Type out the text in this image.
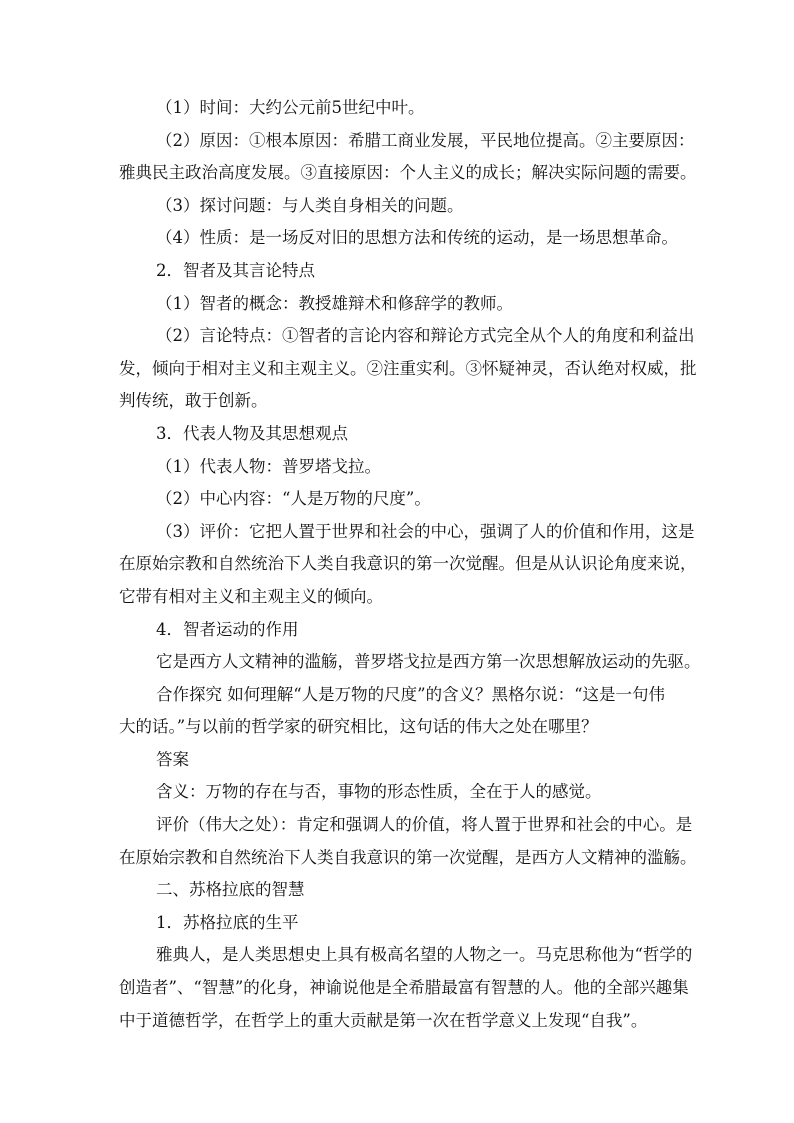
（1）时间：大约公元前5世纪中叶。
（2）原因：①根本原因：希腊工商业发展，平民地位提高。②主要原因：
雅典民主政治高度发展。③直接原因：个人主义的成长；解决实际问题的需要。
（3）探讨问题：与人类自身相关的问题。
（4）性质：是一场反对旧的思想方法和传统的运动，是一场思想革命。
2．智者及其言论特点
（1）智者的概念：教授雄辩术和修辞学的教师。
（2）言论特点：①智者的言论内容和辩论方式完全从个人的角度和利益出
发，倾向于相对主义和主观主义。②注重实利。③怀疑神灵，否认绝对权威，批
判传统，敢于创新。
3．代表人物及其思想观点
（1）代表人物：普罗塔戈拉。
（2）中心内容：“人是万物的尺度”。
（3）评价：它把人置于世界和社会的中心，强调了人的价值和作用，这是
在原始宗教和自然统治下人类自我意识的第一次觉醒。但是从认识论角度来说，
它带有相对主义和主观主义的倾向。
4．智者运动的作用
它是西方人文精神的滥觞，普罗塔戈拉是西方第一次思想解放运动的先驱。
合作探究 如何理解“人是万物的尺度”的含义？黑格尔说：“这是一句伟
大的话。”与以前的哲学家的研究相比，这句话的伟大之处在哪里？
答案
含义：万物的存在与否，事物的形态性质，全在于人的感觉。
评价（伟大之处）：肯定和强调人的价值，将人置于世界和社会的中心。是
在原始宗教和自然统治下人类自我意识的第一次觉醒，是西方人文精神的滥觞。
二、苏格拉底的智慧
1．苏格拉底的生平
雅典人，是人类思想史上具有极高名望的人物之一。马克思称他为“哲学的
创造者”、“智慧”的化身，神谕说他是全希腊最富有智慧的人。他的全部兴趣集
中于道德哲学，在哲学上的重大贡献是第一次在哲学意义上发现“自我”。
